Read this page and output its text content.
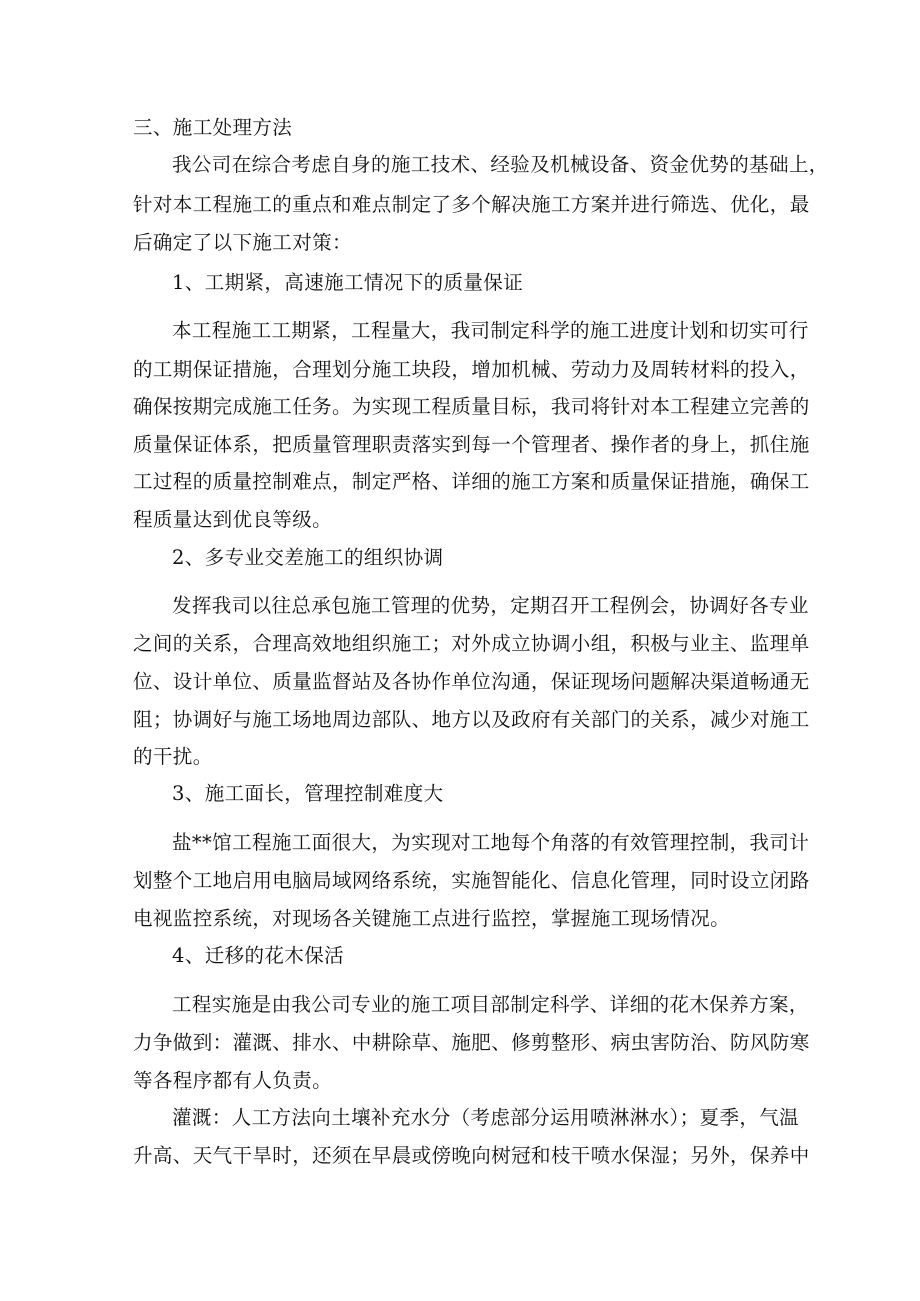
三、施工处理方法
我公司在综合考虑自身的施工技术、经验及机械设备、资金优势的基础上，
针对本工程施工的重点和难点制定了多个解决施工方案并进行筛选、优化，最
后确定了以下施工对策：
1、工期紧，高速施工情况下的质量保证
本工程施工工期紧，工程量大，我司制定科学的施工进度计划和切实可行
的工期保证措施，合理划分施工块段，增加机械、劳动力及周转材料的投入，
确保按期完成施工任务。为实现工程质量目标，我司将针对本工程建立完善的
质量保证体系，把质量管理职责落实到每一个管理者、操作者的身上，抓住施
工过程的质量控制难点，制定严格、详细的施工方案和质量保证措施，确保工
程质量达到优良等级。
2、多专业交差施工的组织协调
发挥我司以往总承包施工管理的优势，定期召开工程例会，协调好各专业
之间的关系，合理高效地组织施工；对外成立协调小组，积极与业主、监理单
位、设计单位、质量监督站及各协作单位沟通，保证现场问题解决渠道畅通无
阻；协调好与施工场地周边部队、地方以及政府有关部门的关系，减少对施工
的干扰。
3、施工面长，管理控制难度大
盐**馆工程施工面很大，为实现对工地每个角落的有效管理控制，我司计
划整个工地启用电脑局域网络系统，实施智能化、信息化管理，同时设立闭路
电视监控系统，对现场各关键施工点进行监控，掌握施工现场情况。
4、迁移的花木保活
工程实施是由我公司专业的施工项目部制定科学、详细的花木保养方案，
力争做到：灌溉、排水、中耕除草、施肥、修剪整形、病虫害防治、防风防寒
等各程序都有人负责。
灌溉：人工方法向土壤补充水分（考虑部分运用喷淋淋水）；夏季，气温
升高、天气干旱时，还须在早晨或傍晚向树冠和枝干喷水保湿；另外，保养中
